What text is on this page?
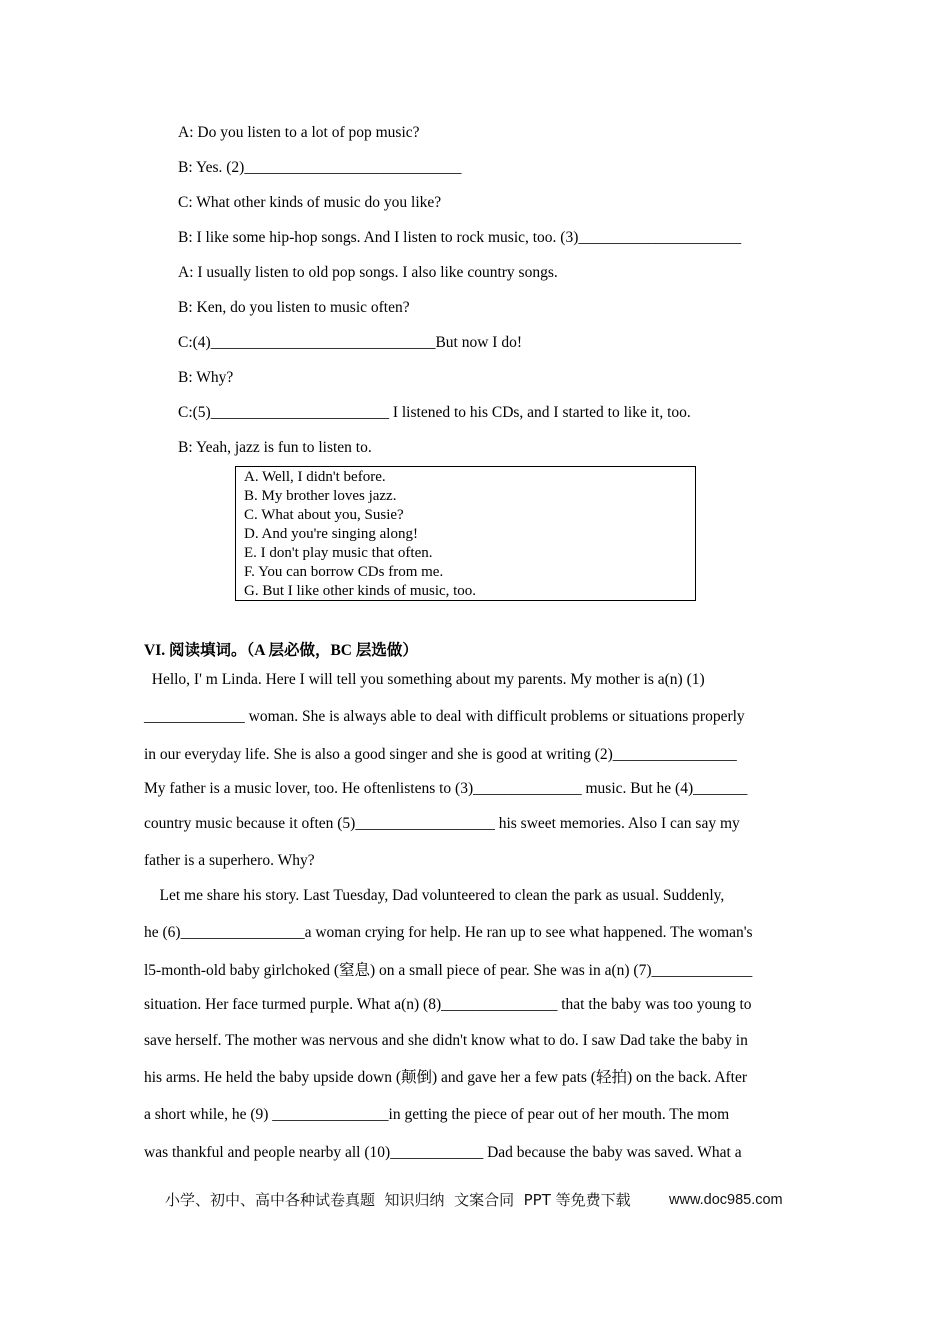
A: Do you listen to a lot of pop music?
B: Yes. (2)____________________________
C: What other kinds of music do you like?
B: I like some hip-hop songs. And I listen to rock music, too. (3)_____________________
A: I usually listen to old pop songs. I also like country songs.
B: Ken, do you listen to music often?
C:(4)_____________________________But now I do!
B: Why?
C:(5)_______________________ I listened to his CDs, and I started to like it, too.
B: Yeah, jazz is fun to listen to.
A. Well, I didn't before.
B. My brother loves jazz.
C. What about you, Susie?
D. And you're singing along!
E. I don't play music that often.
F. You can borrow CDs from me.
G. But I like other kinds of music, too.
VI. 阅读填词。（A 层必做，BC 层选做）
Hello, I' m Linda. Here I will tell you something about my parents. My mother is a(n) (1)
_____________ woman. She is always able to deal with difficult problems or situations properly
in our everyday life. She is also a good singer and she is good at writing (2)________________
My father is a music lover, too. He oftenlistens to (3)______________ music. But he (4)_______
country music because it often (5)__________________ his sweet memories. Also I can say my
father is a superhero. Why?
Let me share his story. Last Tuesday, Dad volunteered to clean the park as usual. Suddenly,
he (6)________________a woman crying for help. He ran up to see what happened. The woman's
l5-month-old baby girlchoked (窒息) on a small piece of pear. She was in a(n) (7)_____________
situation. Her face turmed purple. What a(n) (8)_______________ that the baby was too young to
save herself. The mother was nervous and she didn't know what to do. I saw Dad take the baby in
his arms. He held the baby upside down (颠倒) and gave her a few pats (轻拍) on the back. After
a short while, he (9) _______________in getting the piece of pear out of her mouth. The mom
was thankful and people nearby all (10)____________ Dad because the baby was saved. What a
小学、初中、高中各种试卷真题  知识归纳  文案合同  PPT 等免费下载	www.doc985.com
